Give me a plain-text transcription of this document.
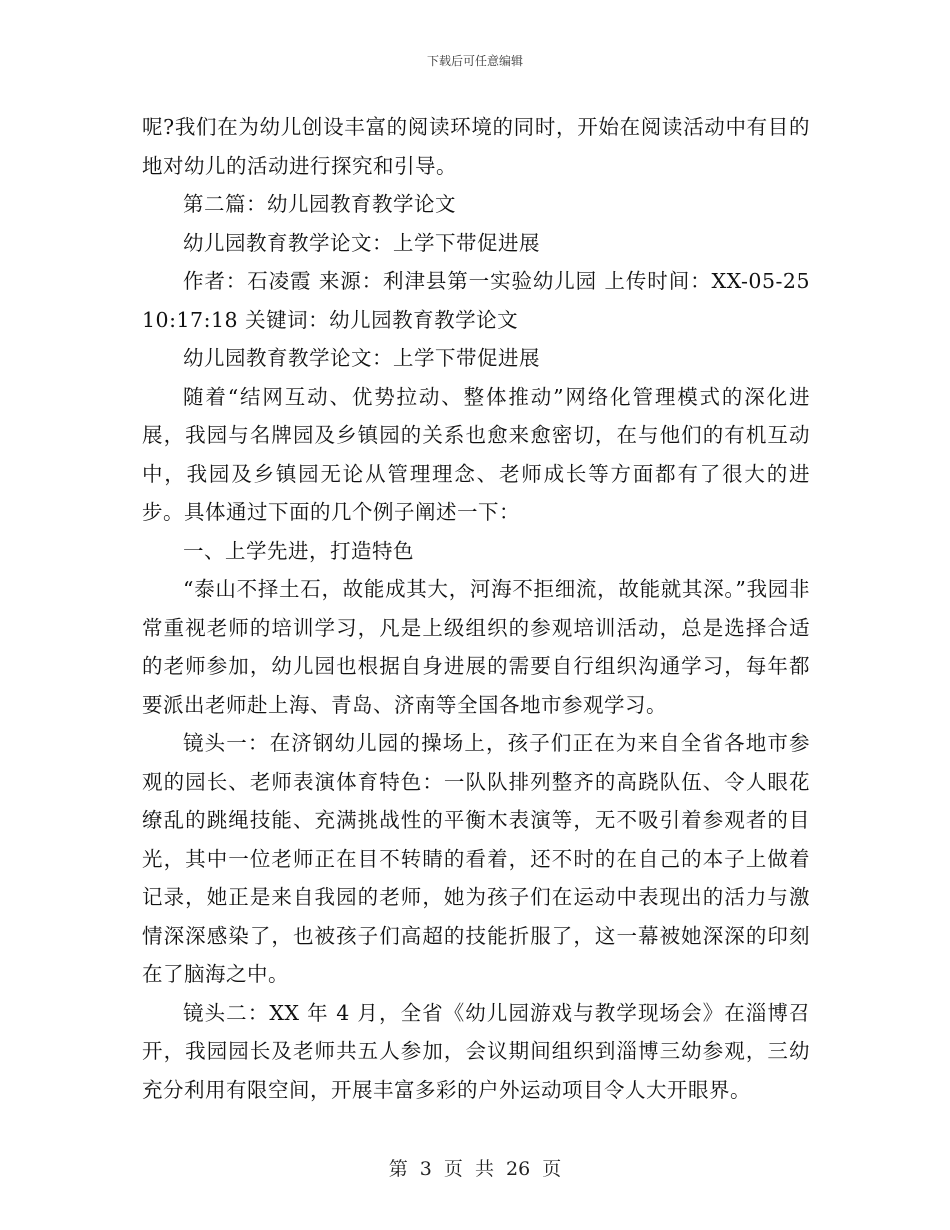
下载后可任意编辑

呢?我们在为幼儿创设丰富的阅读环境的同时，开始在阅读活动中有目的地对幼儿的活动进行探究和引导。

第二篇：幼儿园教育教学论文

幼儿园教育教学论文：上学下带促进展

作者：石凌霞 来源：利津县第一实验幼儿园 上传时间：XX-05-25 10:17:18 关键词：幼儿园教育教学论文

幼儿园教育教学论文：上学下带促进展

随着“结网互动、优势拉动、整体推动”网络化管理模式的深化进展，我园与名牌园及乡镇园的关系也愈来愈密切，在与他们的有机互动中，我园及乡镇园无论从管理理念、老师成长等方面都有了很大的进步。具体通过下面的几个例子阐述一下：

一、上学先进，打造特色

“泰山不择土石，故能成其大，河海不拒细流，故能就其深。”我园非常重视老师的培训学习，凡是上级组织的参观培训活动，总是选择合适的老师参加，幼儿园也根据自身进展的需要自行组织沟通学习，每年都要派出老师赴上海、青岛、济南等全国各地市参观学习。

镜头一：在济钢幼儿园的操场上，孩子们正在为来自全省各地市参观的园长、老师表演体育特色：一队队排列整齐的高跷队伍、令人眼花缭乱的跳绳技能、充满挑战性的平衡木表演等，无不吸引着参观者的目光，其中一位老师正在目不转睛的看着，还不时的在自己的本子上做着记录，她正是来自我园的老师，她为孩子们在运动中表现出的活力与激情深深感染了，也被孩子们高超的技能折服了，这一幕被她深深的印刻在了脑海之中。

镜头二：XX 年 4 月，全省《幼儿园游戏与教学现场会》在淄博召开，我园园长及老师共五人参加，会议期间组织到淄博三幼参观，三幼充分利用有限空间，开展丰富多彩的户外运动项目令人大开眼界。

第 3 页 共 26 页
